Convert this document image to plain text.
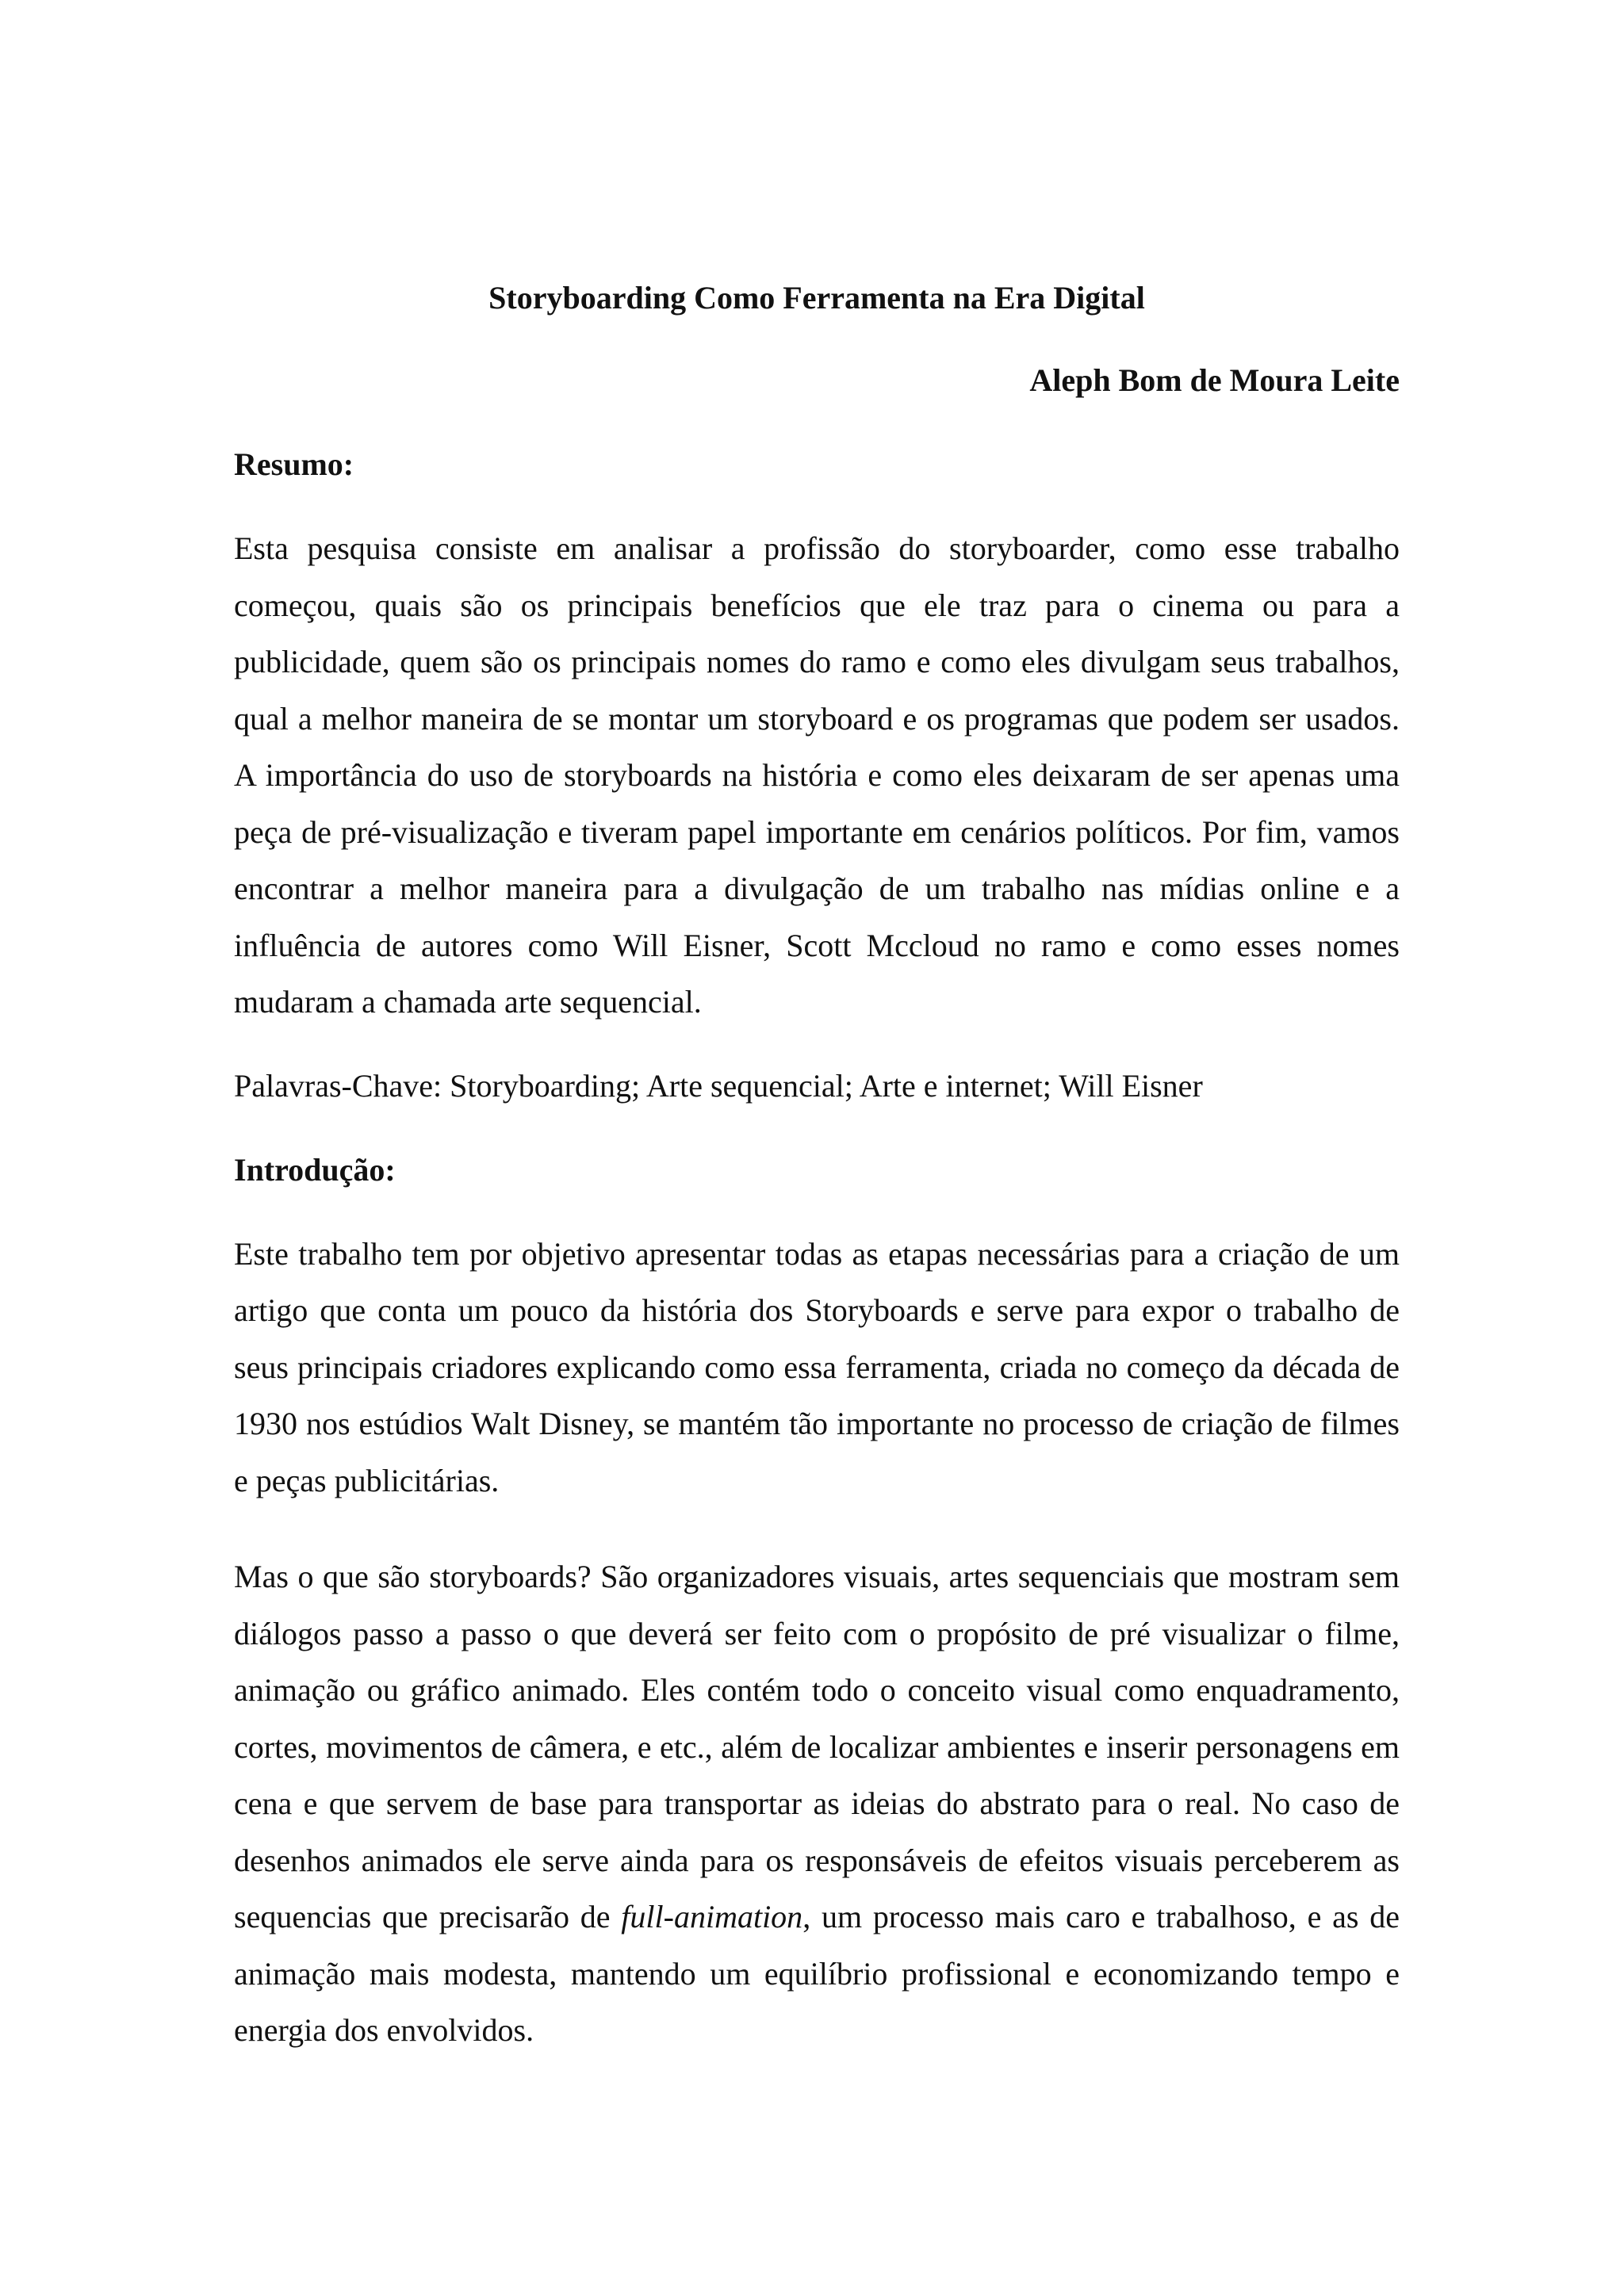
Storyboarding Como Ferramenta na Era Digital
Aleph Bom de Moura Leite
Resumo:

Esta pesquisa consiste em analisar a profissão do storyboarder, como esse trabalho começou, quais são os principais benefícios que ele traz para o cinema ou para a publicidade, quem são os principais nomes do ramo e como eles divulgam seus trabalhos, qual a melhor maneira de se montar um storyboard e os programas que podem ser usados. A importância do uso de storyboards na história e como eles deixaram de ser apenas uma peça de pré-visualização e tiveram papel importante em cenários políticos. Por fim, vamos encontrar a melhor maneira para a divulgação de um trabalho nas mídias online e a influência de autores como Will Eisner, Scott Mccloud no ramo e como esses nomes mudaram a chamada arte sequencial.

Palavras-Chave: Storyboarding; Arte sequencial; Arte e internet; Will Eisner

Introdução:

Este trabalho tem por objetivo apresentar todas as etapas necessárias para a criação de um artigo que conta um pouco da história dos Storyboards e serve para expor o trabalho de seus principais criadores explicando como essa ferramenta, criada no começo da década de 1930 nos estúdios Walt Disney, se mantém tão importante no processo de criação de filmes e peças publicitárias.

Mas o que são storyboards? São organizadores visuais, artes sequenciais que mostram sem diálogos passo a passo o que deverá ser feito com o propósito de pré visualizar o filme, animação ou gráfico animado. Eles contém todo o conceito visual como enquadramento, cortes, movimentos de câmera, e etc., além de localizar ambientes e inserir personagens em cena e que servem de base para transportar as ideias do abstrato para o real. No caso de desenhos animados ele serve ainda para os responsáveis de efeitos visuais perceberem as sequencias que precisarão de full-animation, um processo mais caro e trabalhoso, e as de animação mais modesta, mantendo um equilíbrio profissional e economizando tempo e energia dos envolvidos.
